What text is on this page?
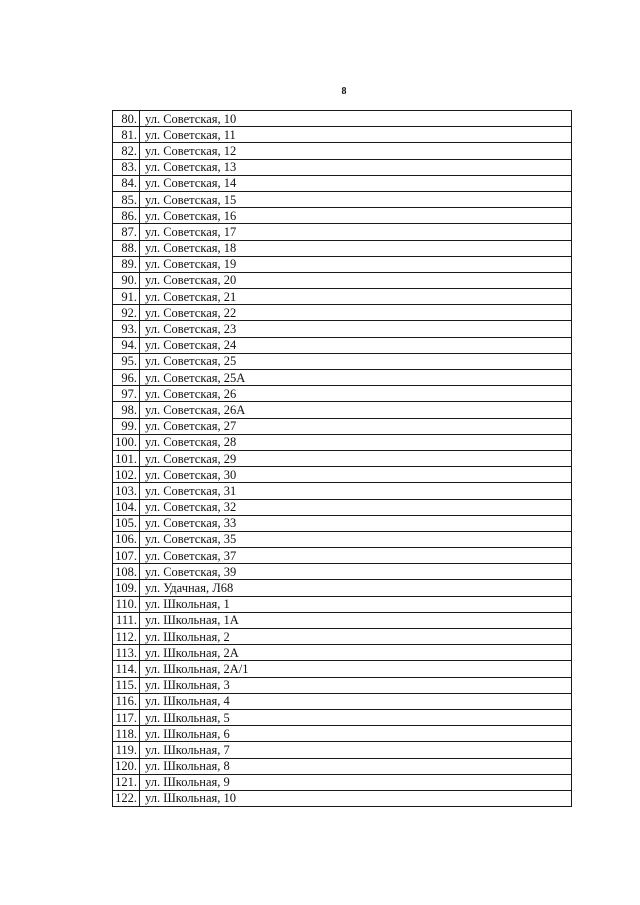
8
80.	ул. Советская, 10
81.	ул. Советская, 11
82.	ул. Советская, 12
83.	ул. Советская, 13
84.	ул. Советская, 14
85.	ул. Советская, 15
86.	ул. Советская, 16
87.	ул. Советская, 17
88.	ул. Советская, 18
89.	ул. Советская, 19
90.	ул. Советская, 20
91.	ул. Советская, 21
92.	ул. Советская, 22
93.	ул. Советская, 23
94.	ул. Советская, 24
95.	ул. Советская, 25
96.	ул. Советская, 25А
97.	ул. Советская, 26
98.	ул. Советская, 26А
99.	ул. Советская, 27
100.	ул. Советская, 28
101.	ул. Советская, 29
102.	ул. Советская, 30
103.	ул. Советская, 31
104.	ул. Советская, 32
105.	ул. Советская, 33
106.	ул. Советская, 35
107.	ул. Советская, 37
108.	ул. Советская, 39
109.	ул. Удачная, Л68
110.	ул. Школьная, 1
111.	ул. Школьная, 1А
112.	ул. Школьная, 2
113.	ул. Школьная, 2А
114.	ул. Школьная, 2А/1
115.	ул. Школьная, 3
116.	ул. Школьная, 4
117.	ул. Школьная, 5
118.	ул. Школьная, 6
119.	ул. Школьная, 7
120.	ул. Школьная, 8
121.	ул. Школьная, 9
122.	ул. Школьная, 10
